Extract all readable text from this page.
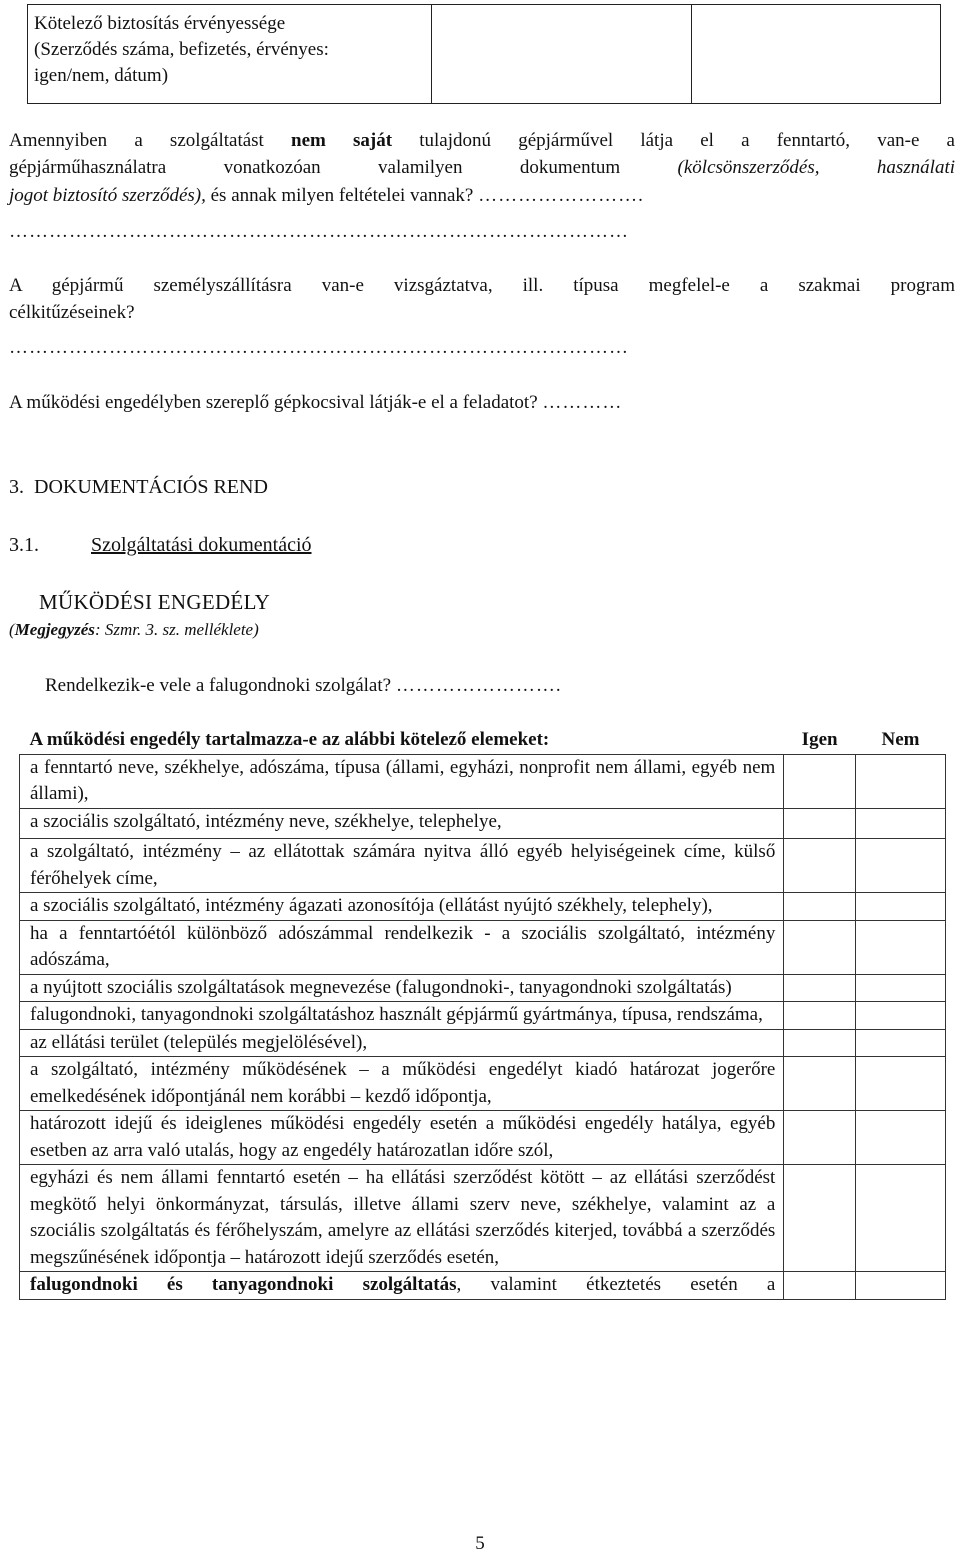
Kötelező biztosítás érvényessége
(Szerződés száma, befizetés, érvényes:
igen/nem, dátum)

Amennyiben a szolgáltatást nem saját tulajdonú gépjárművel látja el a fenntartó, van-e a
gépjárműhasználatra vonatkozóan valamilyen dokumentum (kölcsönszerződés, használati
jogot biztosító szerződés), és annak milyen feltételei vannak? …………………….
…………………………………………………………………………………
A gépjármű személyszállításra van-e vizsgáztatva, ill. típusa megfelel-e a szakmai program
célkitűzéseinek?
…………………………………………………………………………………
A működési engedélyben szereplő gépkocsival látják-e el a feladatot? …………
3.  DOKUMENTÁCIÓS REND
3.1.	Szolgáltatási dokumentáció
MŰKÖDÉSI ENGEDÉLY
(Megjegyzés: Szmr. 3. sz. melléklete)
Rendelkezik-e vele a falugondnoki szolgálat? …………………….
A működési engedély tartalmazza-e az alábbi kötelező elemeket:	Igen	Nem
a fenntartó neve, székhelye, adószáma, típusa (állami, egyházi, nonprofit nem állami, egyéb nem állami),		
a szociális szolgáltató, intézmény neve, székhelye, telephelye,		
a szolgáltató, intézmény ‒ az ellátottak számára nyitva álló egyéb helyiségeinek címe, külső férőhelyek címe,		
a szociális szolgáltató, intézmény ágazati azonosítója (ellátást nyújtó székhely, telephely),		
ha a fenntartóétól különböző adószámmal rendelkezik - a szociális szolgáltató, intézmény adószáma,		
a nyújtott szociális szolgáltatások megnevezése (falugondnoki-, tanyagondnoki szolgáltatás)		
falugondnoki, tanyagondnoki szolgáltatáshoz használt gépjármű gyártmánya, típusa, rendszáma,		
az ellátási terület (település megjelölésével),		
a szolgáltató, intézmény működésének ‒ a működési engedélyt kiadó határozat jogerőre emelkedésének időpontjánál nem korábbi ‒ kezdő időpontja,		
határozott idejű és ideiglenes működési engedély esetén a működési engedély hatálya, egyéb esetben az arra való utalás, hogy az engedély határozatlan időre szól,		
egyházi és nem állami fenntartó esetén ‒ ha ellátási szerződést kötött ‒ az ellátási szerződést megkötő helyi önkormányzat, társulás, illetve állami szerv neve, székhelye, valamint az a szociális szolgáltatás és férőhelyszám, amelyre az ellátási szerződés kiterjed, továbbá a szerződés megszűnésének időpontja ‒ határozott idejű szerződés esetén,		
falugondnoki és tanyagondnoki szolgáltatás, valamint étkeztetés esetén a		
5
